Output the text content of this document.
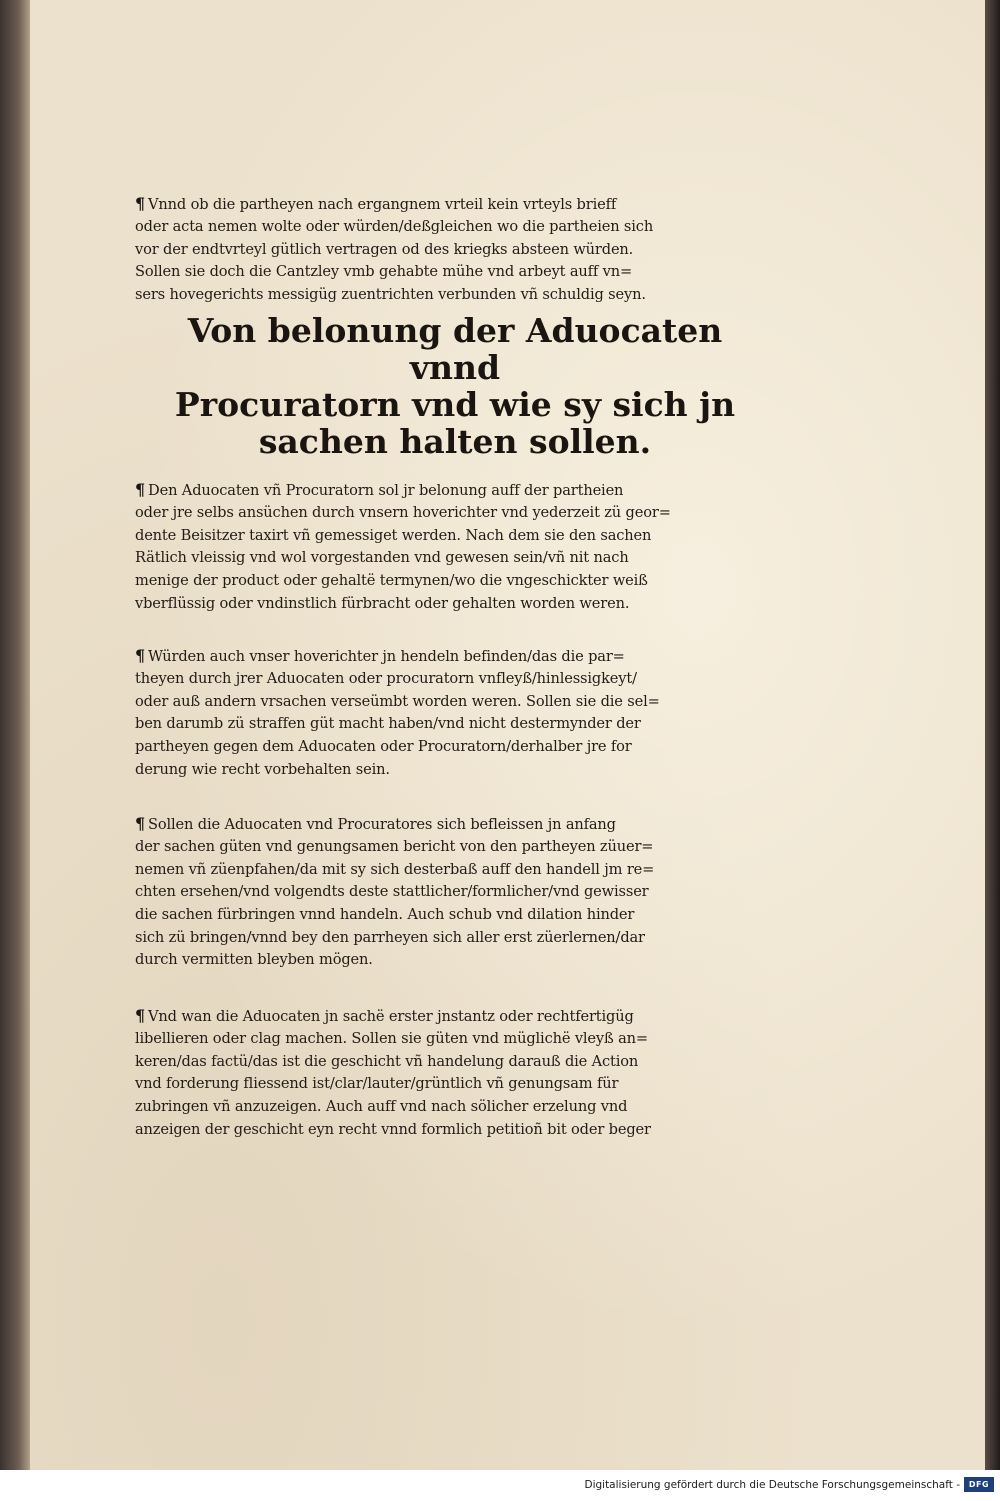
¶ Vnnd ob die partheyen nach ergangnem vrteil kein vrteyls brieff
oder acta nemen wolte oder würden/deßgleichen wo die partheien sich
vor der endtvrteyl gütlich vertragen od des kriegks absteen würden.
Sollen sie doch die Cantzley vmb gehabte mühe vnd arbeyt auff vn=
sers hovegerichts messigüg zuentrichten verbunden vñ schuldig seyn.

Von belonung der Aduocaten vnnd
Procuratorn vnd wie sy sich jn
sachen halten sollen.

¶ Den Aduocaten vñ Procuratorn sol jr belonung auff der partheien
oder jre selbs ansüchen durch vnsern hoverichter vnd yederzeit zü geor=
dente Beisitzer taxirt vñ gemessiget werden. Nach dem sie den sachen
Rätlich vleissig vnd wol vorgestanden vnd gewesen sein/vñ nit nach
menige der product oder gehaltë termynen/wo die vngeschickter weiß
vberflüssig oder vndinstlich fürbracht oder gehalten worden weren.

¶ Würden auch vnser hoverichter jn hendeln befinden/das die par=
theyen durch jrer Aduocaten oder procuratorn vnfleyß/hinlessigkeyt/
oder auß andern vrsachen verseümbt worden weren. Sollen sie die sel=
ben darumb zü straffen güt macht haben/vnd nicht destermynder der
partheyen gegen dem Aduocaten oder Procuratorn/derhalber jre for
derung wie recht vorbehalten sein.

¶ Sollen die Aduocaten vnd Procuratores sich befleissen jn anfang
der sachen güten vnd genungsamen bericht von den partheyen züuer=
nemen vñ züenpfahen/da mit sy sich desterbaß auff den handell jm re=
chten ersehen/vnd volgendts deste stattlicher/formlicher/vnd gewisser
die sachen fürbringen vnnd handeln. Auch schub vnd dilation hinder
sich zü bringen/vnnd bey den parrheyen sich aller erst züerlernen/dar
durch vermitten bleyben mögen.

¶ Vnd wan die Aduocaten jn sachë erster jnstantz oder rechtfertigüg
libellieren oder clag machen. Sollen sie güten vnd müglichë vleyß an=
keren/das factü/das ist die geschicht vñ handelung darauß die Action
vnd forderung fliessend ist/clar/lauter/grüntlich vñ genungsam für
zubringen vñ anzuzeigen. Auch auff vnd nach sölicher erzelung vnd
anzeigen der geschicht eyn recht vnnd formlich petitioñ bit oder beger

Digitalisierung gefördert durch die Deutsche Forschungsgemeinschaft -	DFG
